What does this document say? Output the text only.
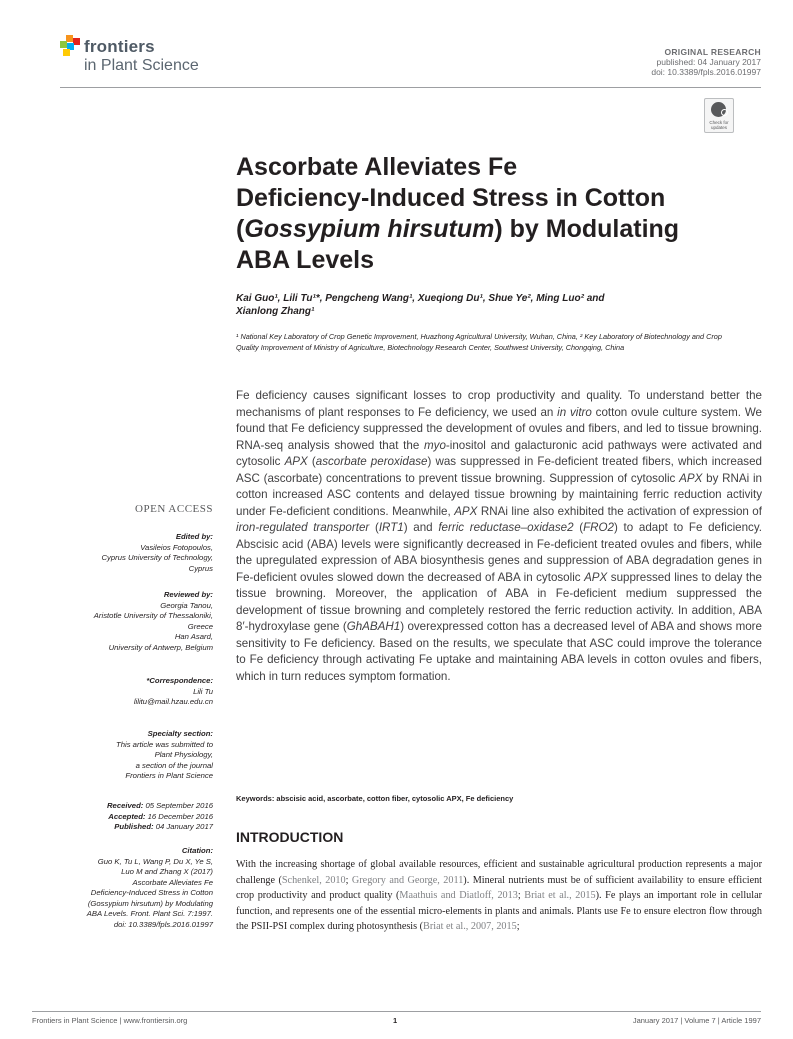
frontiers
in Plant Science
ORIGINAL RESEARCH
published: 04 January 2017
doi: 10.3389/fpls.2016.01997
Check for updates
Ascorbate Alleviates Fe
Deficiency-Induced Stress in Cotton
(Gossypium hirsutum) by Modulating
ABA Levels
Kai Guo¹, Lili Tu¹*, Pengcheng Wang¹, Xueqiong Du¹, Shue Ye², Ming Luo² and
Xianlong Zhang¹
¹ National Key Laboratory of Crop Genetic Improvement, Huazhong Agricultural University, Wuhan, China, ² Key Laboratory of Biotechnology and Crop Quality Improvement of Ministry of Agriculture, Biotechnology Research Center, Southwest University, Chongqing, China
Fe deficiency causes significant losses to crop productivity and quality. To understand better the mechanisms of plant responses to Fe deficiency, we used an in vitro cotton ovule culture system. We found that Fe deficiency suppressed the development of ovules and fibers, and led to tissue browning. RNA-seq analysis showed that the myo-inositol and galacturonic acid pathways were activated and cytosolic APX (ascorbate peroxidase) was suppressed in Fe-deficient treated fibers, which increased ASC (ascorbate) concentrations to prevent tissue browning. Suppression of cytosolic APX by RNAi in cotton increased ASC contents and delayed tissue browning by maintaining ferric reduction activity under Fe-deficient conditions. Meanwhile, APX RNAi line also exhibited the activation of expression of iron-regulated transporter (IRT1) and ferric reductase–oxidase2 (FRO2) to adapt to Fe deficiency. Abscisic acid (ABA) levels were significantly decreased in Fe-deficient treated ovules and fibers, while the upregulated expression of ABA biosynthesis genes and suppression of ABA degradation genes in Fe-deficient ovules slowed down the decreased of ABA in cytosolic APX suppressed lines to delay the tissue browning. Moreover, the application of ABA in Fe-deficient medium suppressed the development of tissue browning and completely restored the ferric reduction activity. In addition, ABA 8′-hydroxylase gene (GhABAH1) overexpressed cotton has a decreased level of ABA and shows more sensitivity to Fe deficiency. Based on the results, we speculate that ASC could improve the tolerance to Fe deficiency through activating Fe uptake and maintaining ABA levels in cotton ovules and fibers, which in turn reduces symptom formation.
Keywords: abscisic acid, ascorbate, cotton fiber, cytosolic APX, Fe deficiency
OPEN ACCESS
Edited by:
Vasileios Fotopoulos,
Cyprus University of Technology,
Cyprus
Reviewed by:
Georgia Tanou,
Aristotle University of Thessaloniki,
Greece
Han Asard,
University of Antwerp, Belgium
*Correspondence:
Lili Tu
lilitu@mail.hzau.edu.cn
Specialty section:
This article was submitted to
Plant Physiology,
a section of the journal
Frontiers in Plant Science
Received: 05 September 2016
Accepted: 16 December 2016
Published: 04 January 2017
Citation:
Guo K, Tu L, Wang P, Du X, Ye S,
Luo M and Zhang X (2017)
Ascorbate Alleviates Fe
Deficiency-Induced Stress in Cotton
(Gossypium hirsutum) by Modulating
ABA Levels. Front. Plant Sci. 7:1997.
doi: 10.3389/fpls.2016.01997
INTRODUCTION
With the increasing shortage of global available resources, efficient and sustainable agricultural production represents a major challenge (Schenkel, 2010; Gregory and George, 2011). Mineral nutrients must be of sufficient availability to ensure efficient crop productivity and product quality (Maathuis and Diatloff, 2013; Briat et al., 2015). Fe plays an important role in cellular function, and represents one of the essential micro-elements in plants and animals. Plants use Fe to ensure electron flow through the PSII-PSI complex during photosynthesis (Briat et al., 2007, 2015;
Frontiers in Plant Science | www.frontiersin.org	1	January 2017 | Volume 7 | Article 1997
